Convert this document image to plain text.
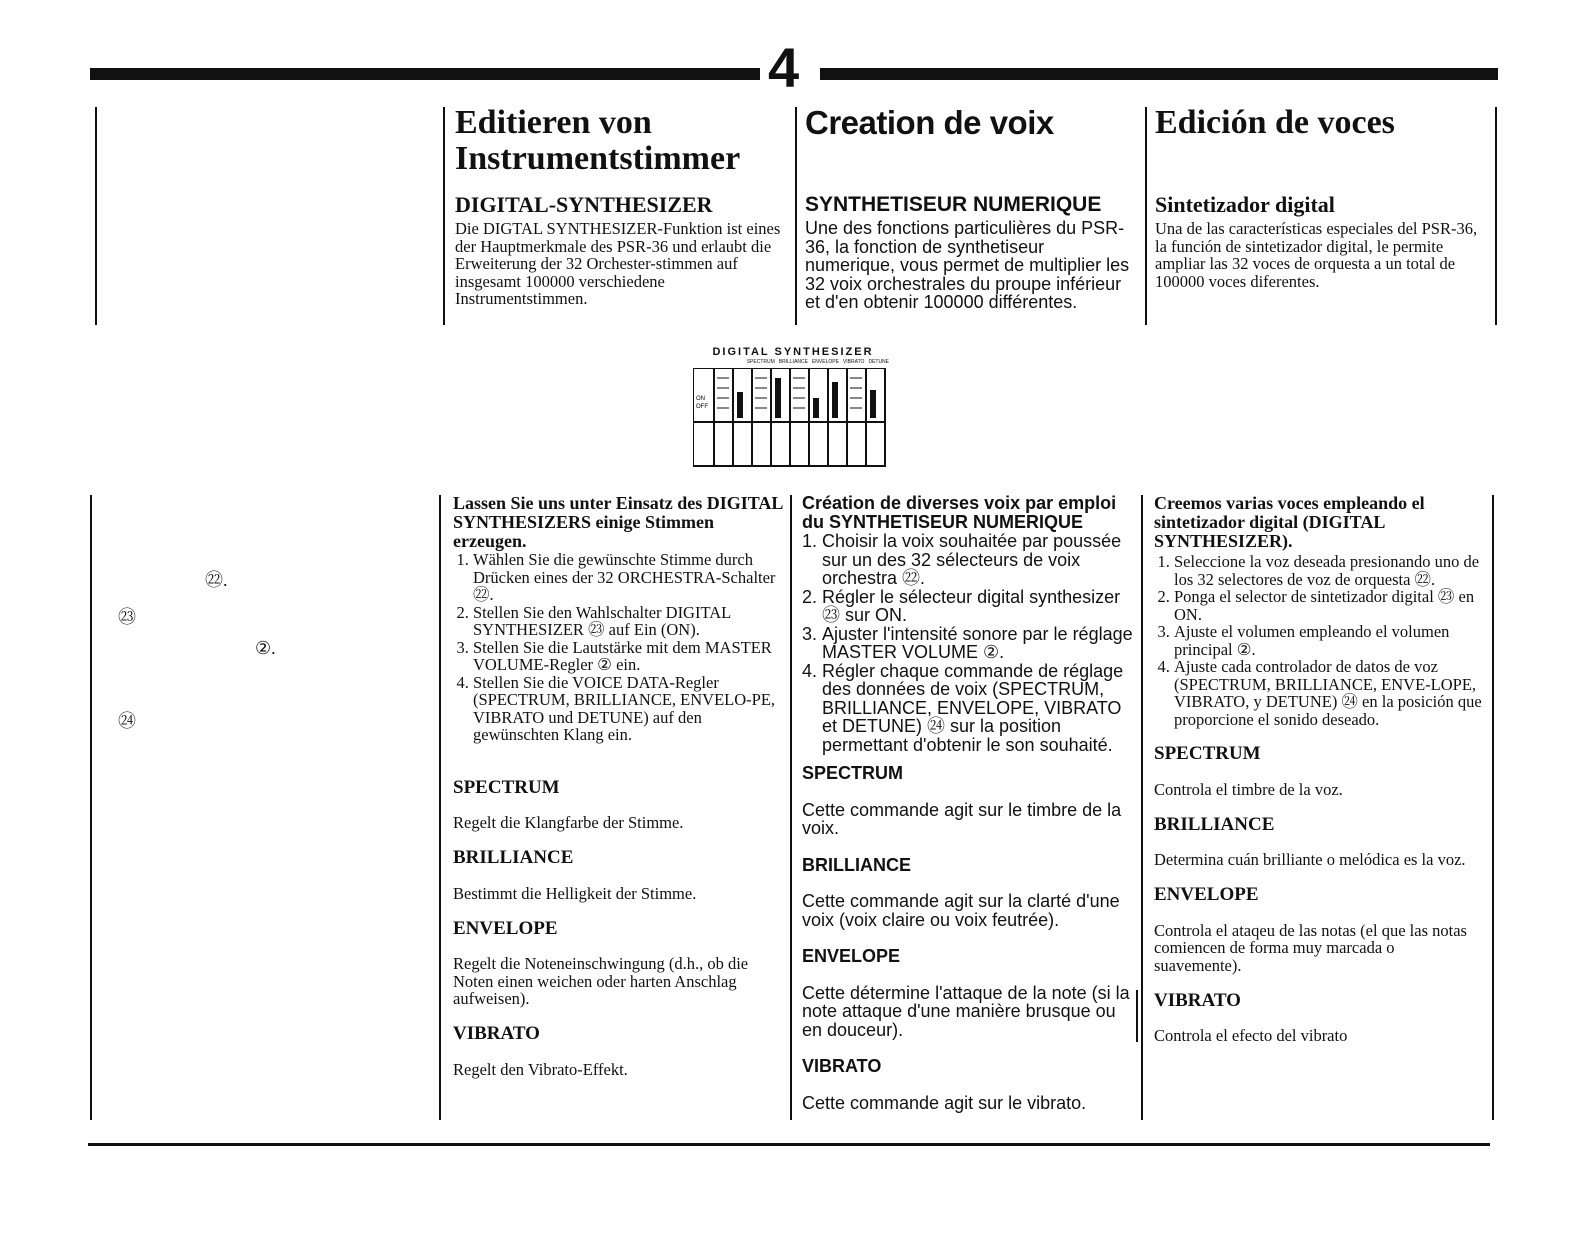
4
Editieren von Instrumentstimmer
DIGITAL-SYNTHESIZER

Die DIGTAL SYNTHESIZER-Funktion ist eines der Hauptmerkmale des PSR-36 und erlaubt die Erweiterung der 32 Orchester-stimmen auf insgesamt 100000 verschiedene Instrumentstimmen.

Creation de voix
SYNTHETISEUR NUMERIQUE

Une des fonctions particulières du PSR-36, la fonction de synthetiseur numerique, vous permet de multiplier les 32 voix orchestrales du proupe inférieur et d'en obtenir 100000 différentes.

Edición de voces
Sintetizador digital

Una de las características especiales del PSR-36, la función de sintetizador digital, le permite ampliar las 32 voces de orquesta a un total de 100000 voces diferentes.

DIGITAL SYNTHESIZER
SPECTRUM BRILLIANCE ENVELOPE VIBRATO DETUNE
ON
OFF
㉒.
㉓
②.
㉔

Lassen Sie uns unter Einsatz des DIGITAL SYNTHESIZERS einige Stimmen erzeugen.

1. Wählen Sie die gewünschte Stimme durch Drücken eines der 32 ORCHESTRA-Schalter ㉒.
2. Stellen Sie den Wahlschalter DIGITAL SYNTHESIZER ㉓ auf Ein (ON).
3. Stellen Sie die Lautstärke mit dem MASTER VOLUME-Regler ② ein.
4. Stellen Sie die VOICE DATA-Regler (SPECTRUM, BRILLIANCE, ENVELO-PE, VIBRATO und DETUNE) auf den gewünschten Klang ein.

SPECTRUM

Regelt die Klangfarbe der Stimme.

BRILLIANCE

Bestimmt die Helligkeit der Stimme.

ENVELOPE

Regelt die Noteneinschwingung (d.h., ob die Noten einen weichen oder harten Anschlag aufweisen).

VIBRATO

Regelt den Vibrato-Effekt.

Création de diverses voix par emploi du SYNTHETISEUR NUMERIQUE

1. Choisir la voix souhaitée par poussée sur un des 32 sélecteurs de voix orchestra ㉒.
2. Régler le sélecteur digital synthesizer ㉓ sur ON.
3. Ajuster l'intensité sonore par le réglage MASTER VOLUME ②.
4. Régler chaque commande de réglage des données de voix (SPECTRUM, BRILLIANCE, ENVELOPE, VIBRATO et DETUNE) ㉔ sur la position permettant d'obtenir le son souhaité.

SPECTRUM

Cette commande agit sur le timbre de la voix.

BRILLIANCE

Cette commande agit sur la clarté d'une voix (voix claire ou voix feutrée).

ENVELOPE

Cette détermine l'attaque de la note (si la note attaque d'une manière brusque ou en douceur).

VIBRATO

Cette commande agit sur le vibrato.

Creemos varias voces empleando el sintetizador digital (DIGITAL SYNTHESIZER).

1. Seleccione la voz deseada presionando uno de los 32 selectores de voz de orquesta ㉒.
2. Ponga el selector de sintetizador digital ㉓ en ON.
3. Ajuste el volumen empleando el volumen principal ②.
4. Ajuste cada controlador de datos de voz (SPECTRUM, BRILLIANCE, ENVE-LOPE, VIBRATO, y DETUNE) ㉔ en la posición que proporcione el sonido deseado.

SPECTRUM

Controla el timbre de la voz.

BRILLIANCE

Determina cuán brilliante o melódica es la voz.

ENVELOPE

Controla el ataqeu de las notas (el que las notas comiencen de forma muy marcada o suavemente).

VIBRATO

Controla el efecto del vibrato
